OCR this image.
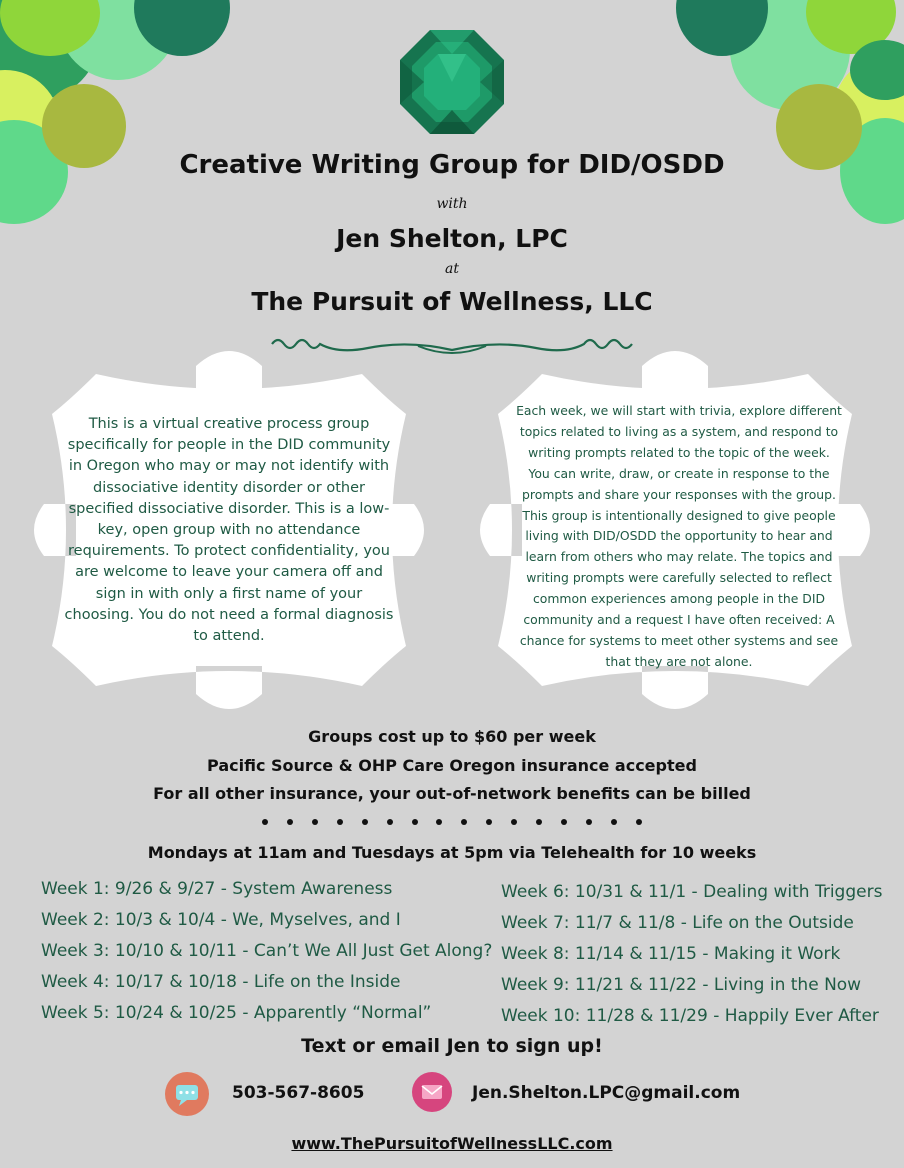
Creative Writing Group for DID/OSDD
with
Jen Shelton, LPC
at
The Pursuit of Wellness, LLC
This is a virtual creative process group specifically for people in the DID community in Oregon who may or may not identify with dissociative identity disorder or other specified dissociative disorder. This is a low-key, open group with no attendance requirements. To protect confidentiality, you are welcome to leave your camera off and sign in with only a first name of your choosing. You do not need a formal diagnosis to attend.
Each week, we will start with trivia, explore different topics related to living as a system, and respond to writing prompts related to the topic of the week. You can write, draw, or create in response to the prompts and share your responses with the group. This group is intentionally designed to give people living with DID/OSDD the opportunity to hear and learn from others who may relate. The topics and writing prompts were carefully selected to reflect common experiences among people in the DID community and a request I have often received: A chance for systems to meet other systems and see that they are not alone.
Groups cost up to $60 per week
Pacific Source & OHP Care Oregon insurance accepted
For all other insurance, your out-of-network benefits can be billed
Mondays at 11am and Tuesdays at 5pm via Telehealth for 10 weeks
Week 1: 9/26 & 9/27 - System Awareness
Week 2: 10/3 & 10/4 - We, Myselves, and I
Week 3: 10/10 & 10/11 - Can’t We All Just Get Along?
Week 4: 10/17 & 10/18 - Life on the Inside
Week 5: 10/24 & 10/25 - Apparently “Normal”
Week 6: 10/31 & 11/1 - Dealing with Triggers
Week 7: 11/7 & 11/8 - Life on the Outside
Week 8: 11/14 & 11/15 - Making it Work
Week 9: 11/21 & 11/22 - Living in the Now
Week 10: 11/28 & 11/29 - Happily Ever After
Text or email Jen to sign up!
503-567-8605	Jen.Shelton.LPC@gmail.com
www.ThePursuitofWellnessLLC.com
